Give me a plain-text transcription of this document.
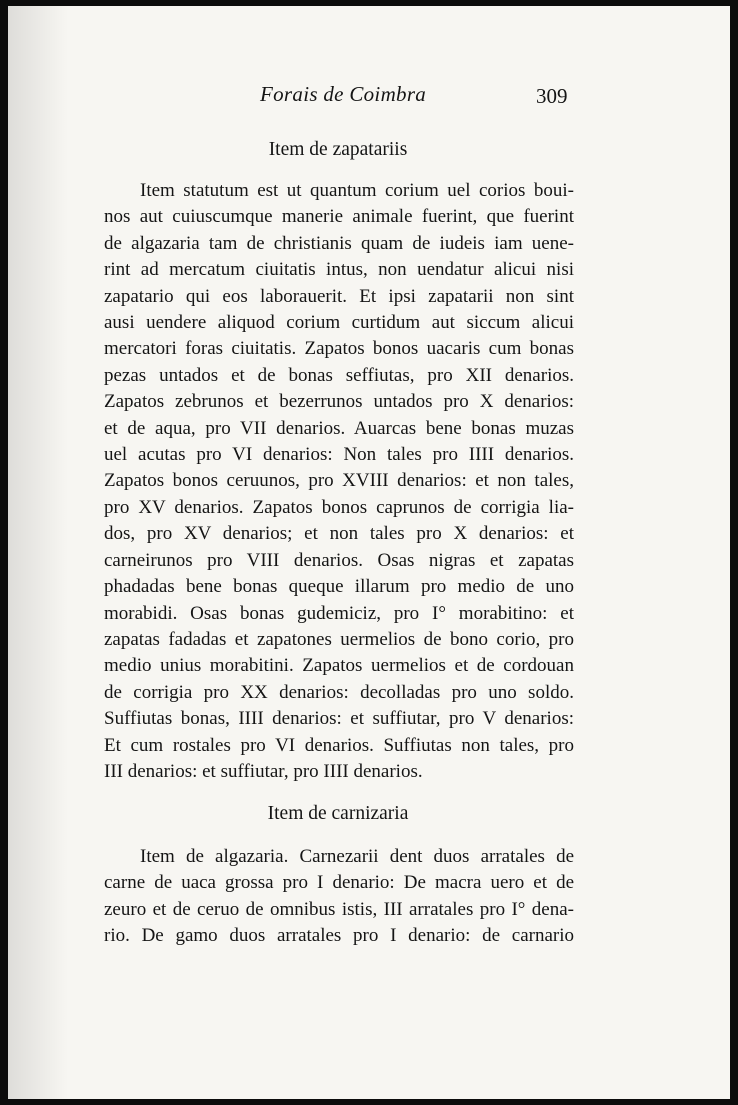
Forais de Coimbra	309
Item de zapatariis
Item statutum est ut quantum corium uel corios boui-
nos aut cuiuscumque manerie animale fuerint, que fuerint
de algazaria tam de christianis quam de iudeis iam uene-
rint ad mercatum ciuitatis intus, non uendatur alicui nisi
zapatario qui eos laborauerit. Et ipsi zapatarii non sint
ausi uendere aliquod corium curtidum aut siccum alicui
mercatori foras ciuitatis. Zapatos bonos uacaris cum bonas
pezas untados et de bonas seffiutas, pro XII denarios.
Zapatos zebrunos et bezerrunos untados pro X denarios:
et de aqua, pro VII denarios. Auarcas bene bonas muzas
uel acutas pro VI denarios: Non tales pro IIII denarios.
Zapatos bonos ceruunos, pro XVIII denarios: et non tales,
pro XV denarios. Zapatos bonos caprunos de corrigia lia-
dos, pro XV denarios; et non tales pro X denarios: et
carneirunos pro VIII denarios. Osas nigras et zapatas
phadadas bene bonas queque illarum pro medio de uno
morabidi. Osas bonas gudemiciz, pro I° morabitino: et
zapatas fadadas et zapatones uermelios de bono corio, pro
medio unius morabitini. Zapatos uermelios et de cordouan
de corrigia pro XX denarios: decolladas pro uno soldo.
Suffiutas bonas, IIII denarios: et suffiutar, pro V denarios:
Et cum rostales pro VI denarios. Suffiutas non tales, pro
III denarios: et suffiutar, pro IIII denarios.
Item de carnizaria
Item de algazaria. Carnezarii dent duos arratales de
carne de uaca grossa pro I denario: De macra uero et de
zeuro et de ceruo de omnibus istis, III arratales pro I° dena-
rio. De gamo duos arratales pro I denario: de carnario
